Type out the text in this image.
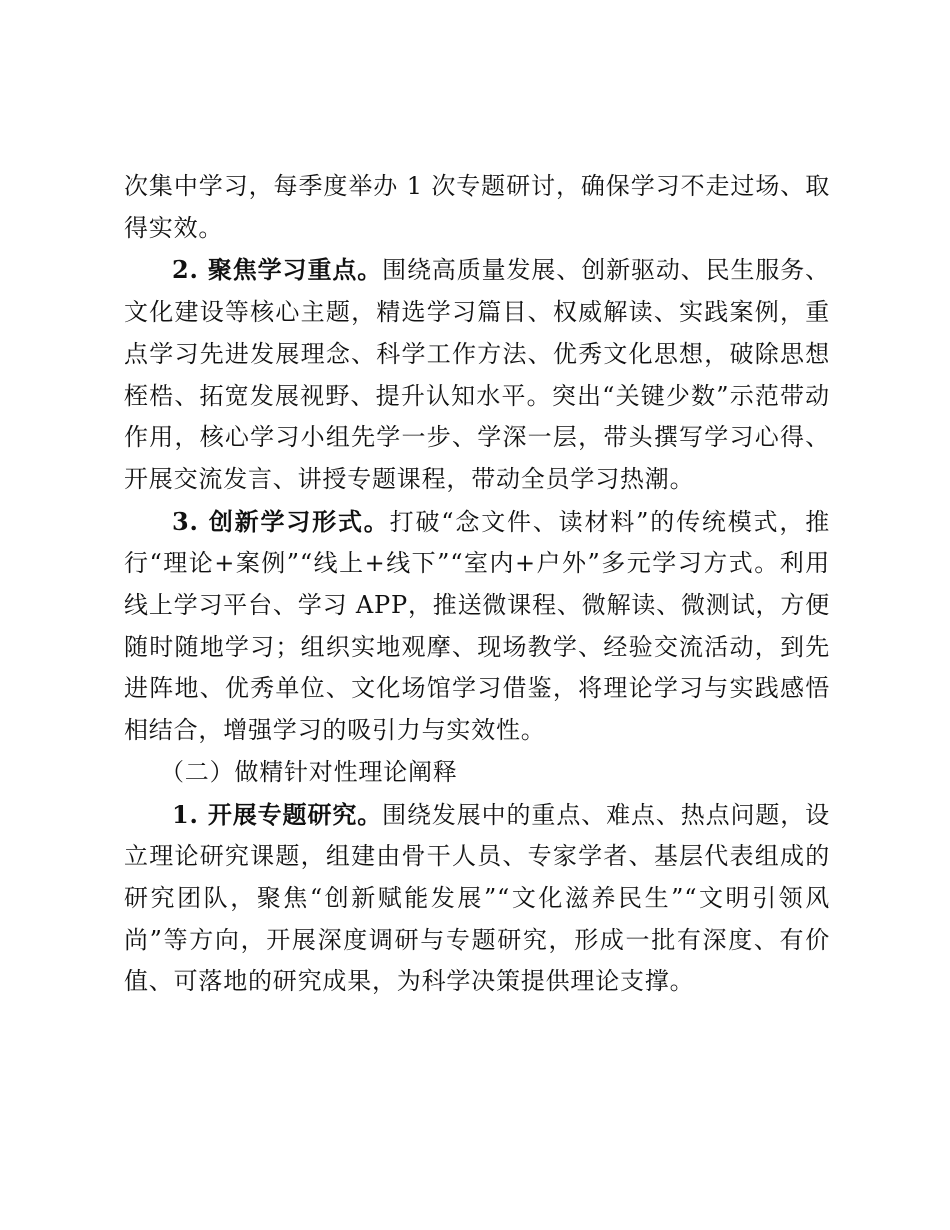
次集中学习，每季度举办 1 次专题研讨，确保学习不走过场、取得实效。

2. 聚焦学习重点。围绕高质量发展、创新驱动、民生服务、文化建设等核心主题，精选学习篇目、权威解读、实践案例，重点学习先进发展理念、科学工作方法、优秀文化思想，破除思想桎梏、拓宽发展视野、提升认知水平。突出“关键少数”示范带动作用，核心学习小组先学一步、学深一层，带头撰写学习心得、开展交流发言、讲授专题课程，带动全员学习热潮。

3. 创新学习形式。打破“念文件、读材料”的传统模式，推行“理论+案例”“线上+线下”“室内+户外”多元学习方式。利用线上学习平台、学习 APP，推送微课程、微解读、微测试，方便随时随地学习；组织实地观摩、现场教学、经验交流活动，到先进阵地、优秀单位、文化场馆学习借鉴，将理论学习与实践感悟相结合，增强学习的吸引力与实效性。

（二）做精针对性理论阐释

1. 开展专题研究。围绕发展中的重点、难点、热点问题，设立理论研究课题，组建由骨干人员、专家学者、基层代表组成的研究团队，聚焦“创新赋能发展”“文化滋养民生”“文明引领风尚”等方向，开展深度调研与专题研究，形成一批有深度、有价值、可落地的研究成果，为科学决策提供理论支撑。
